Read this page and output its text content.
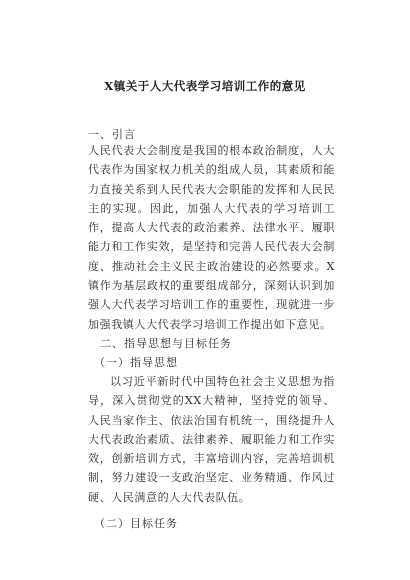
X镇关于人大代表学习培训工作的意见
一、引言

人民代表大会制度是我国的根本政治制度，人大代表作为国家权力机关的组成人员，其素质和能力直接关系到人民代表大会职能的发挥和人民民主的实现。因此，加强人大代表的学习培训工作，提高人大代表的政治素养、法律水平、履职能力和工作实效，是坚持和完善人民代表大会制度、推动社会主义民主政治建设的必然要求。X镇作为基层政权的重要组成部分，深刻认识到加强人大代表学习培训工作的重要性，现就进一步加强我镇人大代表学习培训工作提出如下意见。

二、指导思想与目标任务
（一）指导思想

以习近平新时代中国特色社会主义思想为指导，深入贯彻党的XX大精神，坚持党的领导、人民当家作主、依法治国有机统一，围绕提升人大代表政治素质、法律素养、履职能力和工作实效，创新培训方式，丰富培训内容，完善培训机制，努力建设一支政治坚定、业务精通、作风过硬、人民满意的人大代表队伍。

（二）目标任务
